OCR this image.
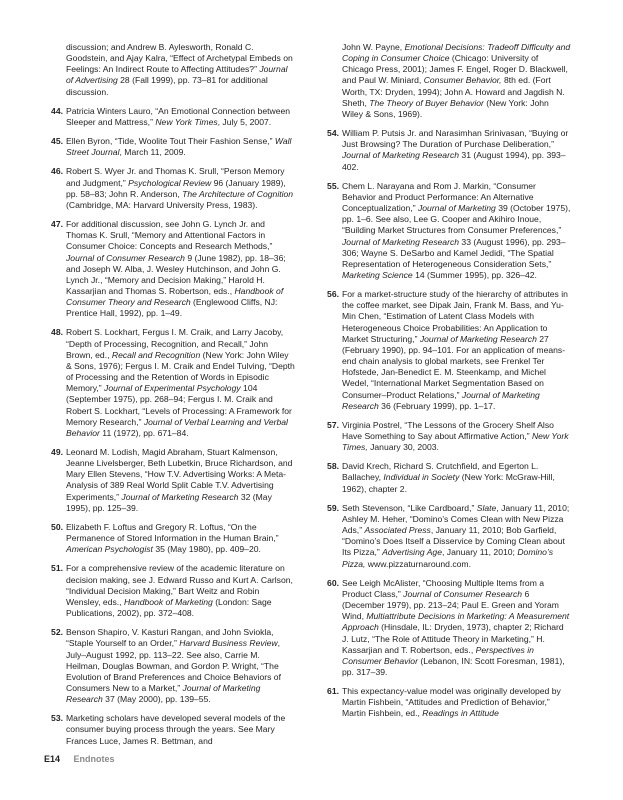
discussion; and Andrew B. Aylesworth, Ronald C. Goodstein, and Ajay Kalra, “Effect of Archetypal Embeds on Feelings: An Indirect Route to Affecting Attitudes?” Journal of Advertising 28 (Fall 1999), pp. 73–81 for additional discussion.
44. Patricia Winters Lauro, “An Emotional Connection between Sleeper and Mattress,” New York Times, July 5, 2007.
45. Ellen Byron, “Tide, Woolite Tout Their Fashion Sense,” Wall Street Journal, March 11, 2009.
46. Robert S. Wyer Jr. and Thomas K. Srull, “Person Memory and Judgment,” Psychological Review 96 (January 1989), pp. 58–83; John R. Anderson, The Architecture of Cognition (Cambridge, MA: Harvard University Press, 1983).
47. For additional discussion, see John G. Lynch Jr. and Thomas K. Srull, “Memory and Attentional Factors in Consumer Choice: Concepts and Research Methods,” Journal of Consumer Research 9 (June 1982), pp. 18–36; and Joseph W. Alba, J. Wesley Hutchinson, and John G. Lynch Jr., “Memory and Decision Making,” Harold H. Kassarjian and Thomas S. Robertson, eds., Handbook of Consumer Theory and Research (Englewood Cliffs, NJ: Prentice Hall, 1992), pp. 1–49.
48. Robert S. Lockhart, Fergus I. M. Craik, and Larry Jacoby, “Depth of Processing, Recognition, and Recall,” John Brown, ed., Recall and Recognition (New York: John Wiley & Sons, 1976); Fergus I. M. Craik and Endel Tulving, “Depth of Processing and the Retention of Words in Episodic Memory,” Journal of Experimental Psychology 104 (September 1975), pp. 268–94; Fergus I. M. Craik and Robert S. Lockhart, “Levels of Processing: A Framework for Memory Research,” Journal of Verbal Learning and Verbal Behavior 11 (1972), pp. 671–84.
49. Leonard M. Lodish, Magid Abraham, Stuart Kalmenson, Jeanne Livelsberger, Beth Lubetkin, Bruce Richardson, and Mary Ellen Stevens, “How T.V. Advertising Works: A Meta-Analysis of 389 Real World Split Cable T.V. Advertising Experiments,” Journal of Marketing Research 32 (May 1995), pp. 125–39.
50. Elizabeth F. Loftus and Gregory R. Loftus, “On the Permanence of Stored Information in the Human Brain,” American Psychologist 35 (May 1980), pp. 409–20.
51. For a comprehensive review of the academic literature on decision making, see J. Edward Russo and Kurt A. Carlson, “Individual Decision Making,” Bart Weitz and Robin Wensley, eds., Handbook of Marketing (London: Sage Publications, 2002), pp. 372–408.
52. Benson Shapiro, V. Kasturi Rangan, and John Sviokla, “Staple Yourself to an Order,” Harvard Business Review, July–August 1992, pp. 113–22. See also, Carrie M. Heilman, Douglas Bowman, and Gordon P. Wright, “The Evolution of Brand Preferences and Choice Behaviors of Consumers New to a Market,” Journal of Marketing Research 37 (May 2000), pp. 139–55.
53. Marketing scholars have developed several models of the consumer buying process through the years. See Mary Frances Luce, James R. Bettman, and
John W. Payne, Emotional Decisions: Tradeoff Difficulty and Coping in Consumer Choice (Chicago: University of Chicago Press, 2001); James F. Engel, Roger D. Blackwell, and Paul W. Miniard, Consumer Behavior, 8th ed. (Fort Worth, TX: Dryden, 1994); John A. Howard and Jagdish N. Sheth, The Theory of Buyer Behavior (New York: John Wiley & Sons, 1969).
54. William P. Putsis Jr. and Narasimhan Srinivasan, “Buying or Just Browsing? The Duration of Purchase Deliberation,” Journal of Marketing Research 31 (August 1994), pp. 393–402.
55. Chem L. Narayana and Rom J. Markin, “Consumer Behavior and Product Performance: An Alternative Conceptualization,” Journal of Marketing 39 (October 1975), pp. 1–6. See also, Lee G. Cooper and Akihiro Inoue, “Building Market Structures from Consumer Preferences,” Journal of Marketing Research 33 (August 1996), pp. 293–306; Wayne S. DeSarbo and Kamel Jedidi, “The Spatial Representation of Heterogeneous Consideration Sets,” Marketing Science 14 (Summer 1995), pp. 326–42.
56. For a market-structure study of the hierarchy of attributes in the coffee market, see Dipak Jain, Frank M. Bass, and Yu-Min Chen, “Estimation of Latent Class Models with Heterogeneous Choice Probabilities: An Application to Market Structuring,” Journal of Marketing Research 27 (February 1990), pp. 94–101. For an application of means-end chain analysis to global markets, see Frenkel Ter Hofstede, Jan-Benedict E. M. Steenkamp, and Michel Wedel, “International Market Segmentation Based on Consumer–Product Relations,” Journal of Marketing Research 36 (February 1999), pp. 1–17.
57. Virginia Postrel, “The Lessons of the Grocery Shelf Also Have Something to Say about Affirmative Action,” New York Times, January 30, 2003.
58. David Krech, Richard S. Crutchfield, and Egerton L. Ballachey, Individual in Society (New York: McGraw-Hill, 1962), chapter 2.
59. Seth Stevenson, “Like Cardboard,” Slate, January 11, 2010; Ashley M. Heher, “Domino’s Comes Clean with New Pizza Ads,” Associated Press, January 11, 2010; Bob Garfield, “Domino’s Does Itself a Disservice by Coming Clean about Its Pizza,” Advertising Age, January 11, 2010; Domino’s Pizza, www.pizzaturnaround.com.
60. See Leigh McAlister, “Choosing Multiple Items from a Product Class,” Journal of Consumer Research 6 (December 1979), pp. 213–24; Paul E. Green and Yoram Wind, Multiattribute Decisions in Marketing: A Measurement Approach (Hinsdale, IL: Dryden, 1973), chapter 2; Richard J. Lutz, “The Role of Attitude Theory in Marketing,” H. Kassarjian and T. Robertson, eds., Perspectives in Consumer Behavior (Lebanon, IN: Scott Foresman, 1981), pp. 317–39.
61. This expectancy-value model was originally developed by Martin Fishbein, “Attitudes and Prediction of Behavior,” Martin Fishbein, ed., Readings in Attitude
E14 Endnotes
